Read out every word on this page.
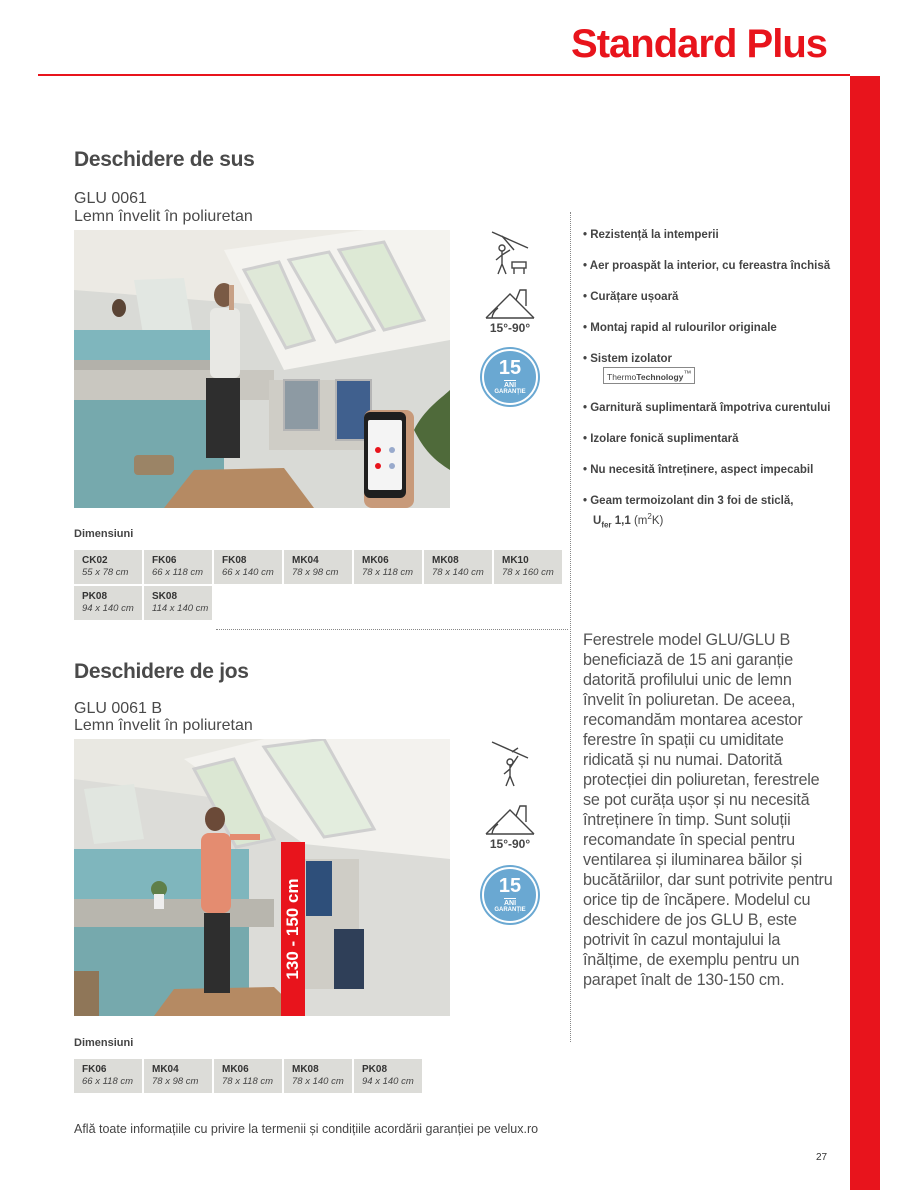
Standard Plus
Deschidere de sus
GLU 0061
Lemn învelit în poliuretan
15°-90°
15
ANI
GARANȚIE
Dimensiuni
CK02
55 x 78 cm
FK06
66 x 118 cm
FK08
66 x 140 cm
MK04
78 x 98 cm
MK06
78 x 118 cm
MK08
78 x 140 cm
MK10
78 x 160 cm
PK08
94 x 140 cm
SK08
114 x 140 cm
• Rezistență la intemperii
• Aer proaspăt la interior, cu fereastra închisă
• Curățare ușoară
• Montaj rapid al rulourilor originale
• Sistem izolator
ThermoTechnology™
• Garnitură suplimentară împotriva curentului
• Izolare fonică suplimentară
• Nu necesită întreținere, aspect impecabil
• Geam termoizolant din 3 foi de sticlă,
$U_{fer}$ 1,1 $(m^2K)$
Ferestrele model GLU/GLU B beneficiază de 15 ani garanție datorită profilului unic de lemn învelit în poliuretan. De aceea, recomandăm montarea acestor ferestre în spații cu umiditate ridicată și nu numai. Datorită protecției din poliuretan, ferestrele se pot curăța ușor și nu necesită întreținere în timp. Sunt soluții recomandate în special pentru ventilarea și iluminarea băilor și bucătăriilor, dar sunt potrivite pentru orice tip de încăpere. Modelul cu deschidere de jos GLU B, este potrivit în cazul montajului la înălțime, de exemplu pentru un parapet înalt de 130-150 cm.
Deschidere de jos
GLU 0061 B
Lemn învelit în poliuretan
130 - 150 cm
15°-90°
15
ANI
GARANȚIE
Dimensiuni
FK06
66 x 118 cm
MK04
78 x 98 cm
MK06
78 x 118 cm
MK08
78 x 140 cm
PK08
94 x 140 cm
Află toate informațiile cu privire la termenii și condițiile acordării garanției pe velux.ro
27
